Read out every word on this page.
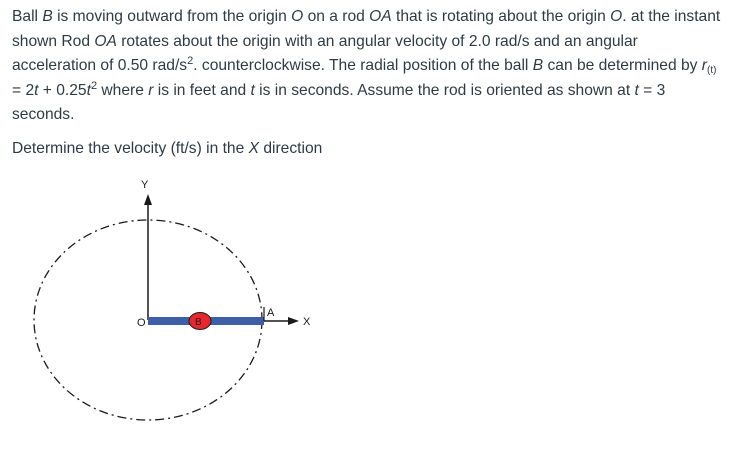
Ball B is moving outward from the origin O on a rod OA that is rotating about the origin O. at the instant shown Rod OA rotates about the origin with an angular velocity of 2.0 rad/s and an angular acceleration of 0.50 rad/$s^2$. counterclockwise. The radial position of the ball B can be determined by $r_{(t)} = 2t + 0.25t^2$ where r is in feet and t is in seconds. Assume the rod is oriented as shown at t = 3 seconds.

Determine the velocity (ft/s) in the X direction

Y
X
O
A
B
